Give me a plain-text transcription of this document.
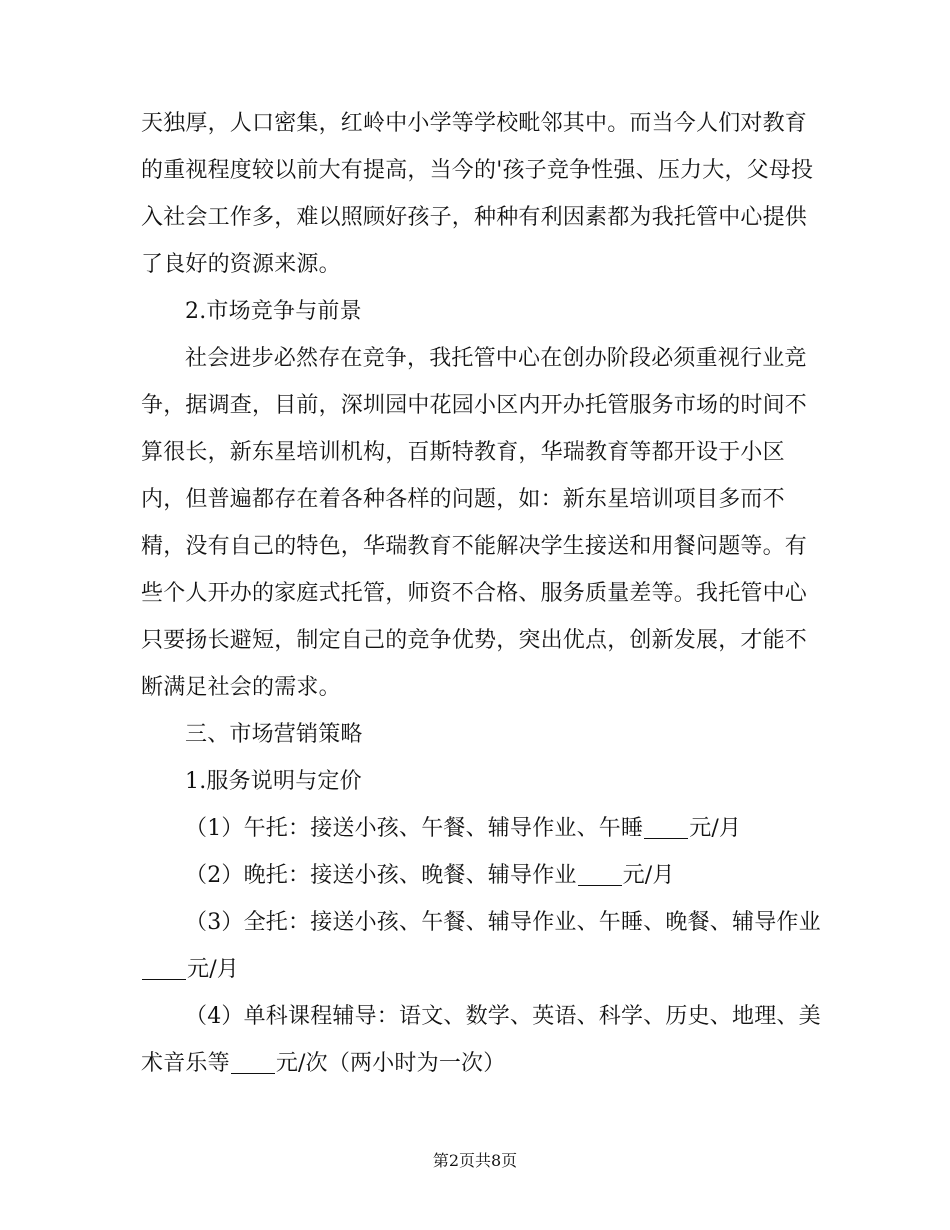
天独厚，人口密集，红岭中小学等学校毗邻其中。而当今人们对教育
的重视程度较以前大有提高，当今的'孩子竞争性强、压力大，父母投
入社会工作多，难以照顾好孩子，种种有利因素都为我托管中心提供
了良好的资源来源。
2.市场竞争与前景
社会进步必然存在竞争，我托管中心在创办阶段必须重视行业竞
争，据调查，目前，深圳园中花园小区内开办托管服务市场的时间不
算很长，新东星培训机构，百斯特教育，华瑞教育等都开设于小区
内，但普遍都存在着各种各样的问题，如：新东星培训项目多而不
精，没有自己的特色，华瑞教育不能解决学生接送和用餐问题等。有
些个人开办的家庭式托管，师资不合格、服务质量差等。我托管中心
只要扬长避短，制定自己的竞争优势，突出优点，创新发展，才能不
断满足社会的需求。
三、市场营销策略
1.服务说明与定价
（1）午托：接送小孩、午餐、辅导作业、午睡 元/月
（2）晚托：接送小孩、晚餐、辅导作业 元/月
（3）全托：接送小孩、午餐、辅导作业、午睡、晚餐、辅导作业
元/月
（4）单科课程辅导：语文、数学、英语、科学、历史、地理、美
术音乐等 元/次（两小时为一次）
第2页共8页
